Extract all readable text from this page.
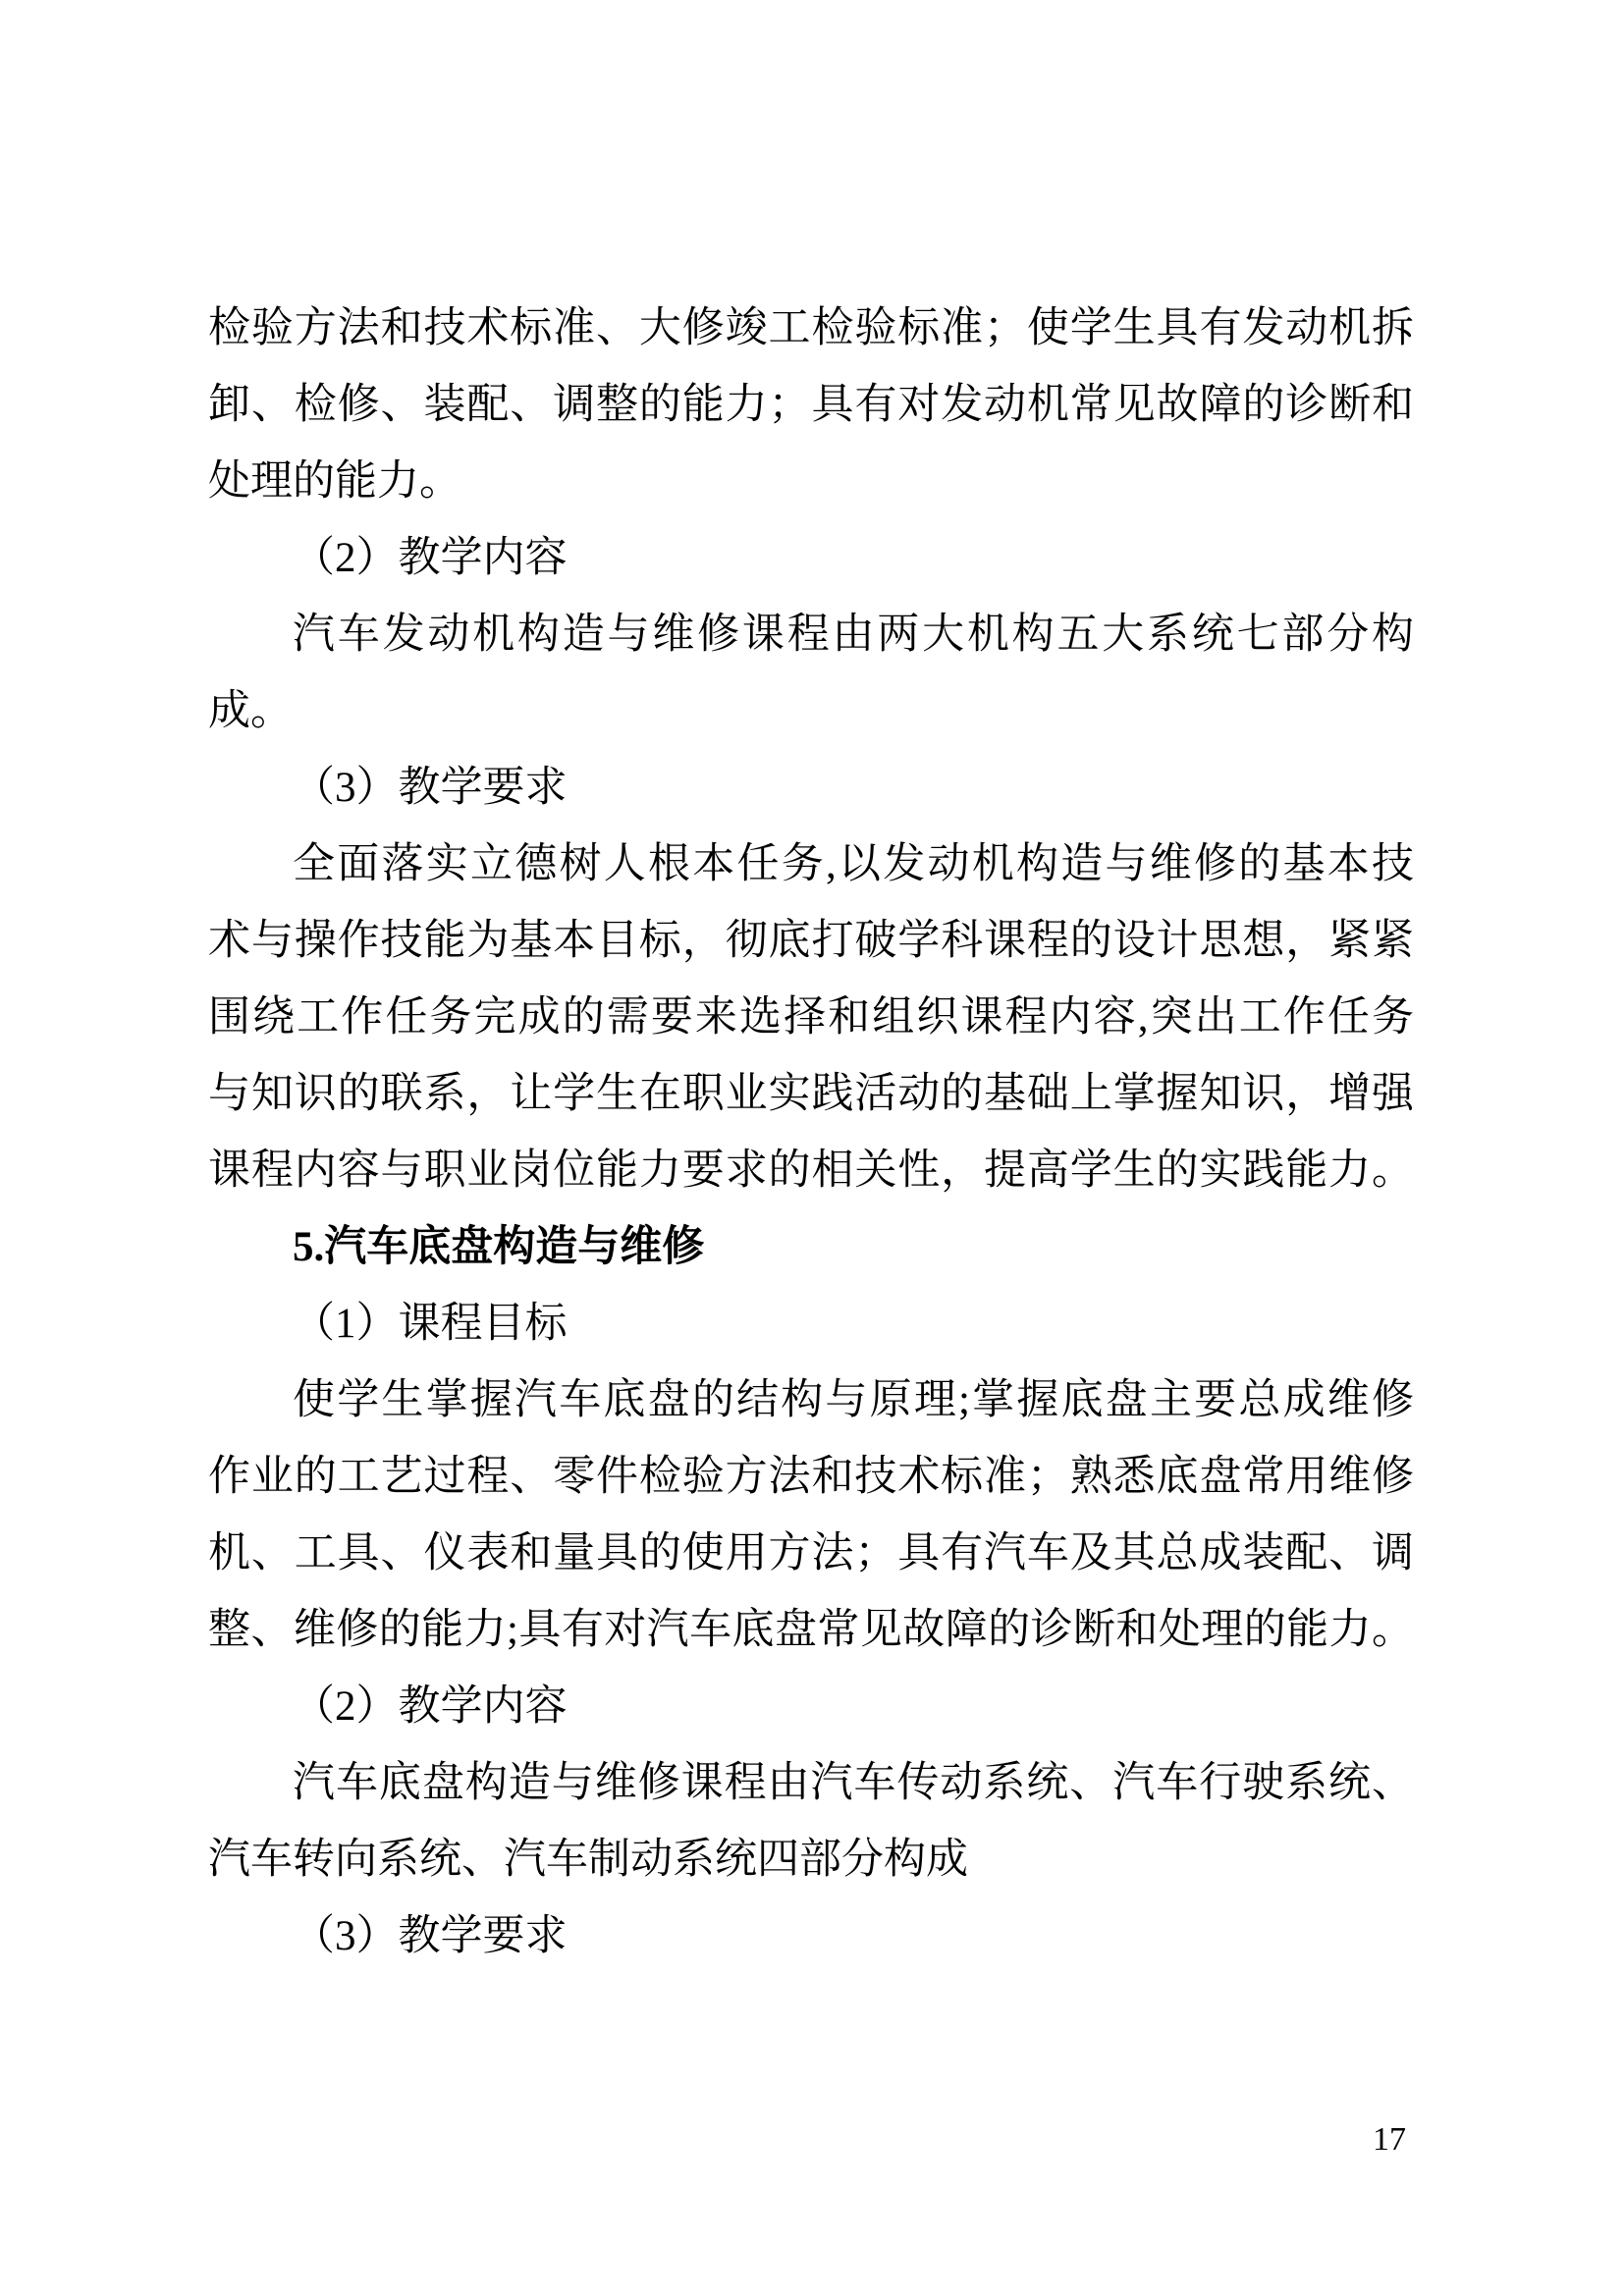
检验方法和技术标准、大修竣工检验标准；使学生具有发动机拆
卸、检修、装配、调整的能力；具有对发动机常见故障的诊断和
处理的能力。
（2）教学内容
汽车发动机构造与维修课程由两大机构五大系统七部分构
成。
（3）教学要求
全面落实立德树人根本任务,以发动机构造与维修的基本技
术与操作技能为基本目标，彻底打破学科课程的设计思想，紧紧
围绕工作任务完成的需要来选择和组织课程内容,突出工作任务
与知识的联系，让学生在职业实践活动的基础上掌握知识，增强
课程内容与职业岗位能力要求的相关性，提高学生的实践能力。
5.汽车底盘构造与维修
（1）课程目标
使学生掌握汽车底盘的结构与原理;掌握底盘主要总成维修
作业的工艺过程、零件检验方法和技术标准；熟悉底盘常用维修
机、工具、仪表和量具的使用方法；具有汽车及其总成装配、调
整、维修的能力;具有对汽车底盘常见故障的诊断和处理的能力。
（2）教学内容
汽车底盘构造与维修课程由汽车传动系统、汽车行驶系统、
汽车转向系统、汽车制动系统四部分构成
（3）教学要求
17
